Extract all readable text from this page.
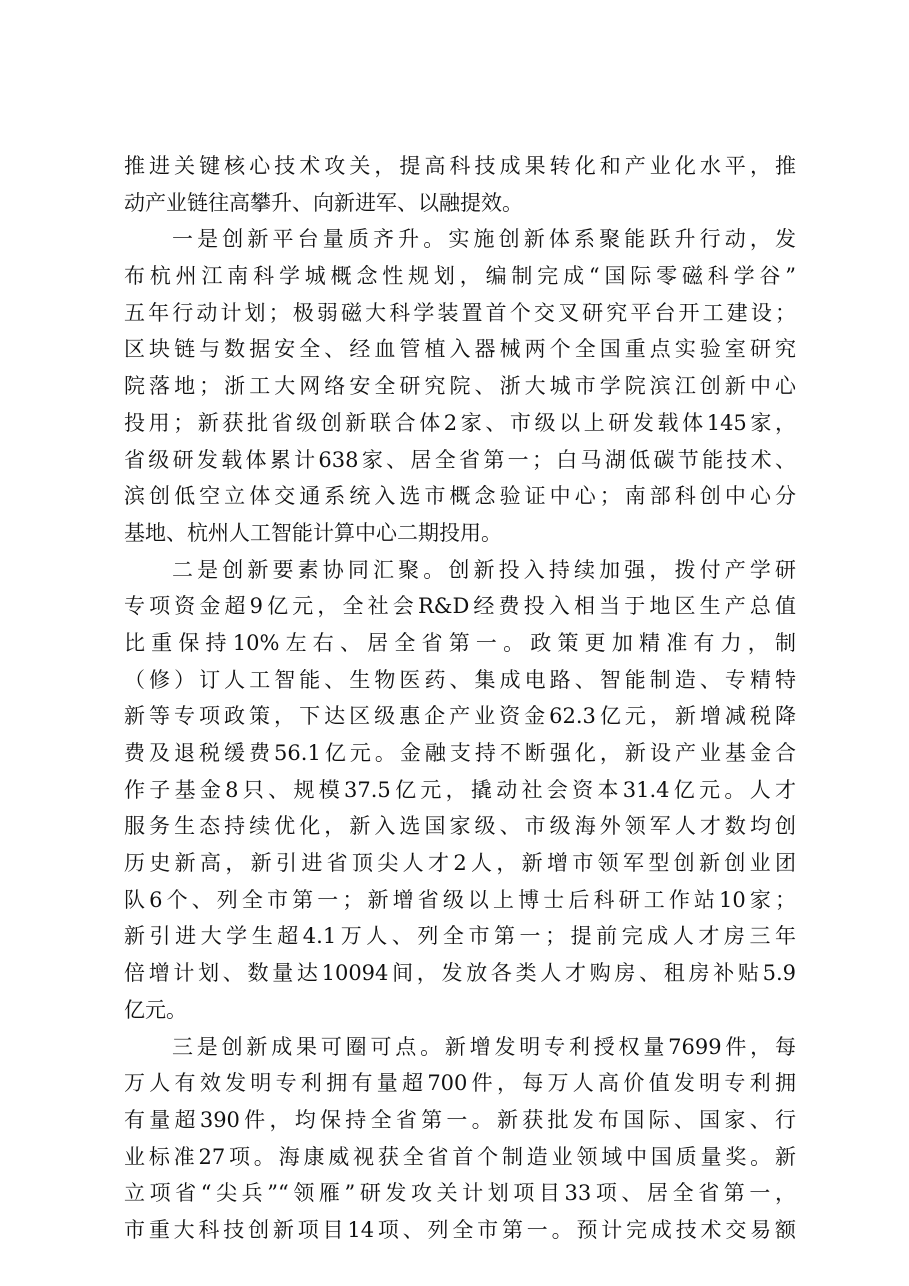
推进关键核心技术攻关，提高科技成果转化和产业化水平，推
动产业链往高攀升、向新进军、以融提效。
一是创新平台量质齐升。实施创新体系聚能跃升行动，发
布杭州江南科学城概念性规划，编制完成“国际零磁科学谷”
五年行动计划；极弱磁大科学装置首个交叉研究平台开工建设；
区块链与数据安全、经血管植入器械两个全国重点实验室研究
院落地；浙工大网络安全研究院、浙大城市学院滨江创新中心
投用；新获批省级创新联合体2家、市级以上研发载体145家，
省级研发载体累计638家、居全省第一；白马湖低碳节能技术、
滨创低空立体交通系统入选市概念验证中心；南部科创中心分
基地、杭州人工智能计算中心二期投用。
二是创新要素协同汇聚。创新投入持续加强，拨付产学研
专项资金超9亿元，全社会R&D经费投入相当于地区生产总值
比重保持10%左右、居全省第一。政策更加精准有力，制
（修）订人工智能、生物医药、集成电路、智能制造、专精特
新等专项政策，下达区级惠企产业资金62.3亿元，新增减税降
费及退税缓费56.1亿元。金融支持不断强化，新设产业基金合
作子基金8只、规模37.5亿元，撬动社会资本31.4亿元。人才
服务生态持续优化，新入选国家级、市级海外领军人才数均创
历史新高，新引进省顶尖人才2人，新增市领军型创新创业团
队6个、列全市第一；新增省级以上博士后科研工作站10家；
新引进大学生超4.1万人、列全市第一；提前完成人才房三年
倍增计划、数量达10094间，发放各类人才购房、租房补贴5.9
亿元。
三是创新成果可圈可点。新增发明专利授权量7699件，每
万人有效发明专利拥有量超700件，每万人高价值发明专利拥
有量超390件，均保持全省第一。新获批发布国际、国家、行
业标准27项。海康威视获全省首个制造业领域中国质量奖。新
立项省“尖兵”“领雁”研发攻关计划项目33项、居全省第一，
市重大科技创新项目14项、列全市第一。预计完成技术交易额
